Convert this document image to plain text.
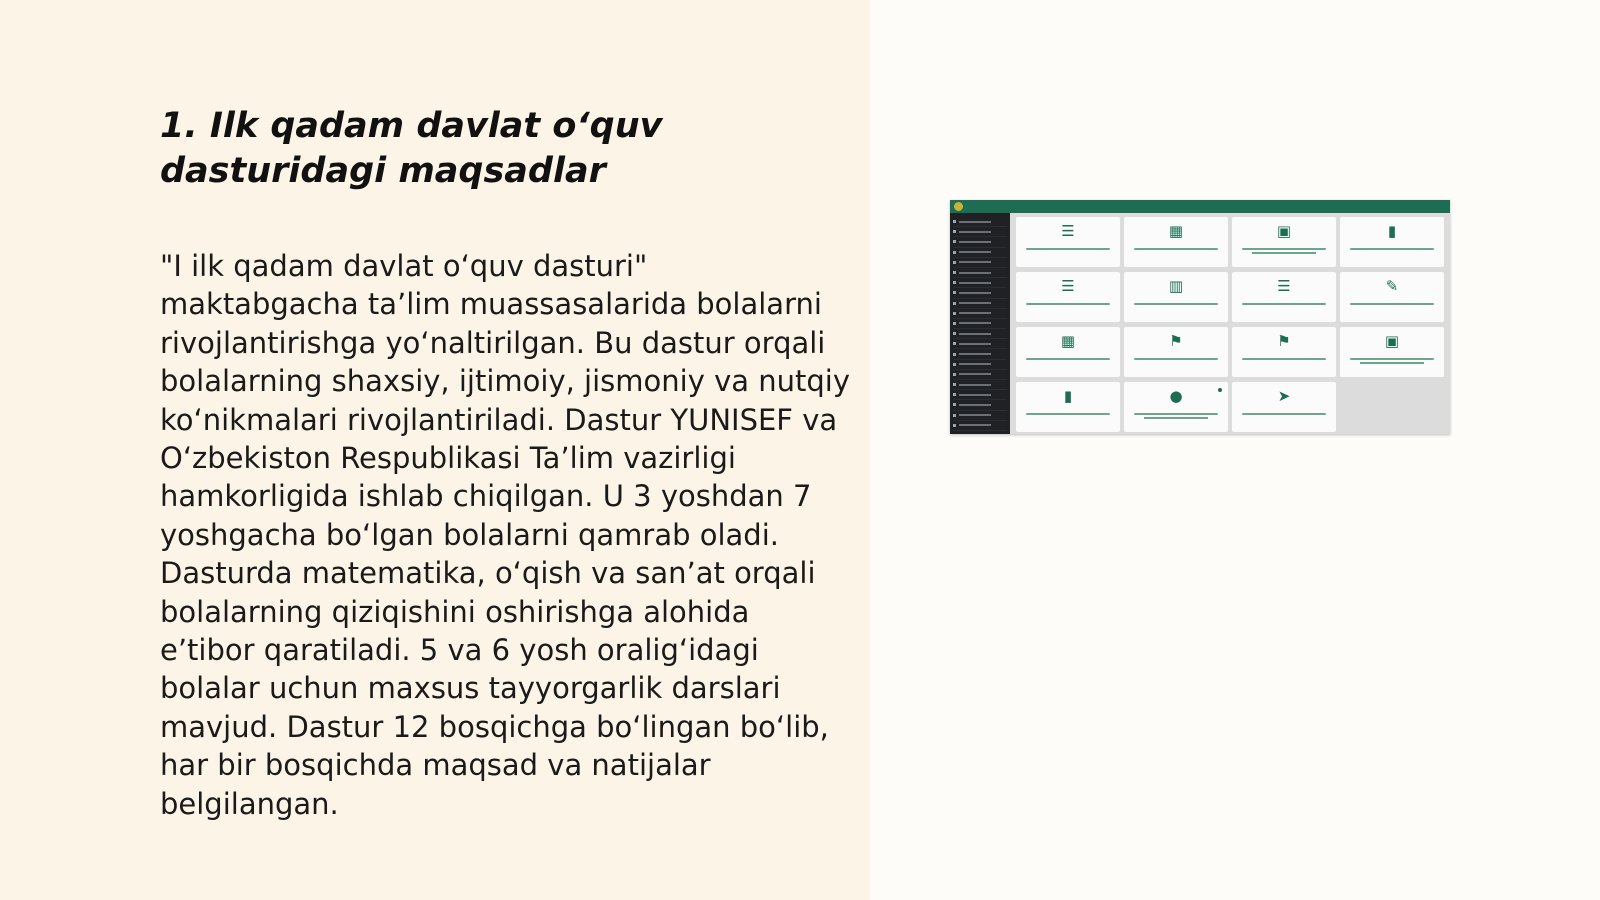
1. Ilk qadam davlat o‘quv dasturidagi maqsadlar

"I ilk qadam davlat o‘quv dasturi" maktabgacha ta’lim muassasalarida bolalarni rivojlantirishga yo‘naltirilgan. Bu dastur orqali bolalarning shaxsiy, ijtimoiy, jismoniy va nutqiy ko‘nikmalari rivojlantiriladi. Dastur YUNISEF va O‘zbekiston Respublikasi Ta’lim vazirligi hamkorligida ishlab chiqilgan. U 3 yoshdan 7 yoshgacha bo‘lgan bolalarni qamrab oladi. Dasturda matematika, o‘qish va san’at orqali bolalarning qiziqishini oshirishga alohida e’tibor qaratiladi. 5 va 6 yosh oralig‘idagi bolalar uchun maxsus tayyorgarlik darslari mavjud. Dastur 12 bosqichga bo‘lingan bo‘lib, har bir bosqichda maqsad va natijalar belgilangan.

☰	▦	▣	▮
☰	▥	☰	✎
▦	⚑	⚑	▣
▮	●	➤
